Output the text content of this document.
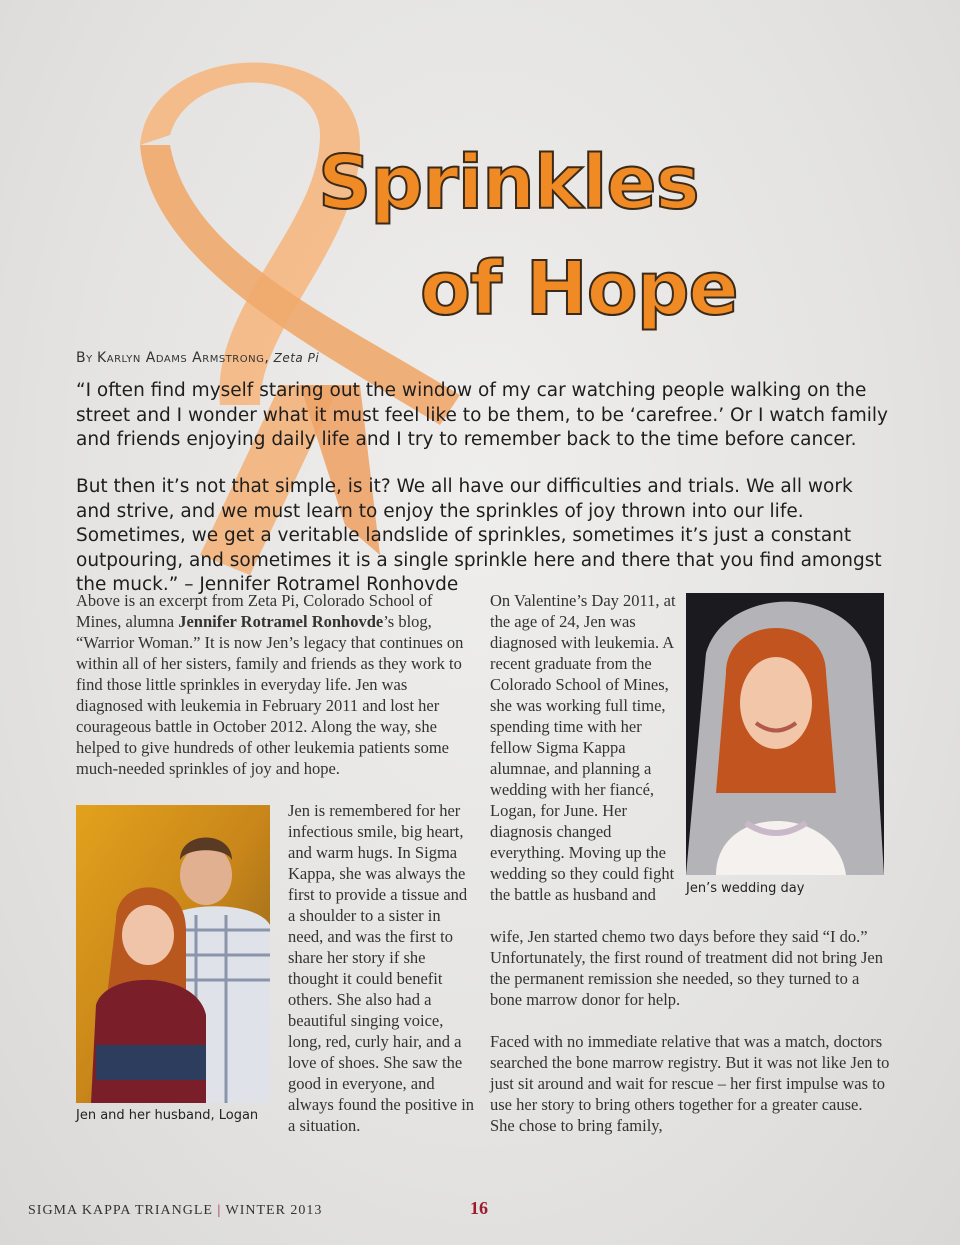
Sprinkles
of Hope
By Karlyn Adams Armstrong, Zeta Pi

“I often find myself staring out the window of my car watching people walking on the street and I wonder what it must feel like to be them, to be ‘carefree.’ Or I watch family and friends enjoying daily life and I try to remember back to the time before cancer.

But then it’s not that simple, is it? We all have our difficulties and trials. We all work and strive, and we must learn to enjoy the sprinkles of joy thrown into our life. Sometimes, we get a veritable landslide of sprinkles, sometimes it’s just a constant outpouring, and sometimes it is a single sprinkle here and there that you find amongst the muck.” – Jennifer Rotramel Ronhovde

Above is an excerpt from Zeta Pi, Colorado School of Mines, alumna Jennifer Rotramel Ronhovde’s blog, “Warrior Woman.” It is now Jen’s legacy that continues on within all of her sisters, family and friends as they work to find those little sprinkles in everyday life. Jen was diagnosed with leukemia in February 2011 and lost her courageous battle in October 2012. Along the way, she helped to give hundreds of other leukemia patients some much-needed sprinkles of joy and hope.

Jen and her husband, Logan

Jen is remembered for her infectious smile, big heart, and warm hugs. In Sigma Kappa, she was always the first to provide a tissue and a shoulder to a sister in need, and was the first to share her story if she thought it could benefit others. She also had a beautiful singing voice, long, red, curly hair, and a love of shoes. She saw the good in everyone, and always found the positive in a situation.

On Valentine’s Day 2011, at the age of 24, Jen was diagnosed with leukemia. A recent graduate from the Colorado School of Mines, she was working full time, spending time with her fellow Sigma Kappa alumnae, and planning a wedding with her fiancé, Logan, for June. Her diagnosis changed everything. Moving up the wedding so they could fight the battle as husband and	Jen’s wedding day

wife, Jen started chemo two days before they said “I do.” Unfortunately, the first round of treatment did not bring Jen the permanent remission she needed, so they turned to a bone marrow donor for help.

Faced with no immediate relative that was a match, doctors searched the bone marrow registry. But it was not like Jen to just sit around and wait for rescue – her first impulse was to use her story to bring others together for a greater cause. She chose to bring family,

SIGMA KAPPA TRIANGLE | WINTER 2013	16
